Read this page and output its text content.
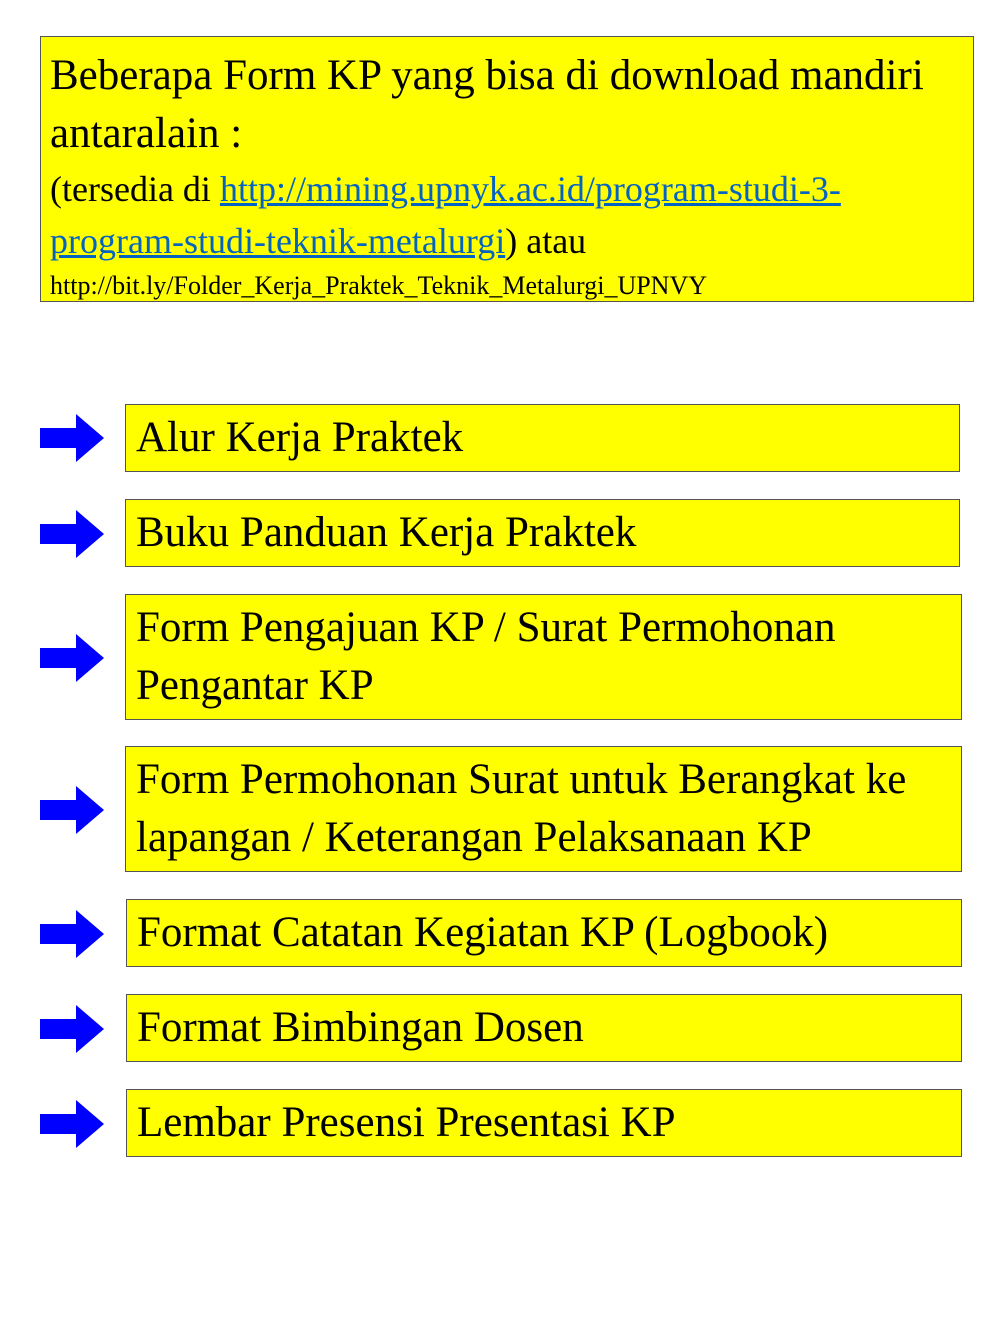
Beberapa Form KP yang bisa di download mandiri antaralain :

(tersedia di http://mining.upnyk.ac.id/program-studi-3-program-studi-teknik-metalurgi) atau

http://bit.ly/Folder_Kerja_Praktek_Teknik_Metalurgi_UPNVY

Alur Kerja Praktek
Buku Panduan Kerja Praktek
Form Pengajuan KP / Surat Permohonan Pengantar KP
Form Permohonan Surat untuk Berangkat ke lapangan / Keterangan Pelaksanaan KP
Format Catatan Kegiatan KP (Logbook)
Format Bimbingan Dosen
Lembar Presensi Presentasi KP
